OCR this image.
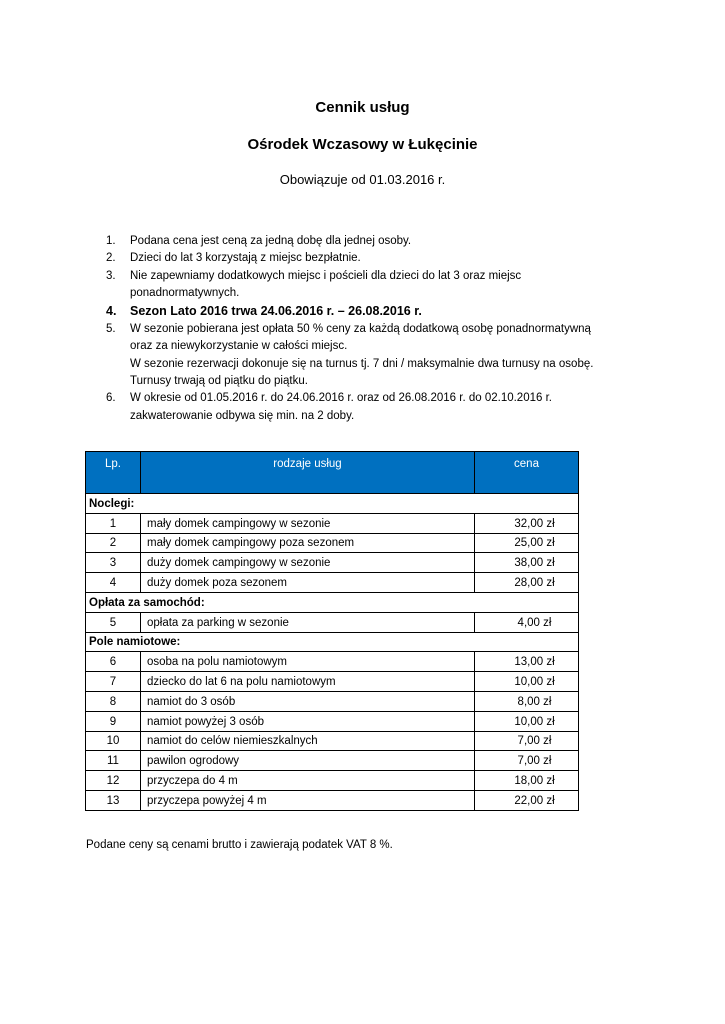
Cennik usług
Ośrodek Wczasowy w Łukęcinie
Obowiązuje od 01.03.2016 r.
1. Podana cena jest ceną za jedną dobę dla jednej osoby.
2. Dzieci do lat 3 korzystają z miejsc bezpłatnie.
3. Nie zapewniamy dodatkowych miejsc i pościeli dla dzieci do lat 3 oraz miejsc
ponadnormatywnych.
4. Sezon Lato 2016 trwa 24.06.2016 r. – 26.08.2016 r.
5. W sezonie pobierana jest opłata 50 % ceny za każdą dodatkową osobę ponadnormatywną
oraz za niewykorzystanie w całości miejsc.
W sezonie rezerwacji dokonuje się na turnus tj. 7 dni / maksymalnie dwa turnusy na osobę.
Turnusy trwają od piątku do piątku.
6. W okresie od 01.05.2016 r. do 24.06.2016 r. oraz od 26.08.2016 r. do 02.10.2016 r.
zakwaterowanie odbywa się min. na 2 doby.
Lp.	rodzaje usług	cena
Noclegi:		
1	mały domek campingowy w sezonie	32,00 zł
2	mały domek campingowy poza sezonem	25,00 zł
3	duży domek campingowy w sezonie	38,00 zł
4	duży domek poza sezonem	28,00 zł
Opłata za samochód:		
5	opłata za parking w sezonie	4,00 zł
Pole namiotowe:		
6	osoba na polu namiotowym	13,00 zł
7	dziecko do lat 6 na polu namiotowym	10,00 zł
8	namiot do 3 osób	8,00 zł
9	namiot powyżej 3 osób	10,00 zł
10	namiot do celów niemieszkalnych	7,00 zł
11	pawilon ogrodowy	7,00 zł
12	przyczepa do 4 m	18,00 zł
13	przyczepa powyżej 4 m	22,00 zł
Podane ceny są cenami brutto i zawierają podatek VAT 8 %.
